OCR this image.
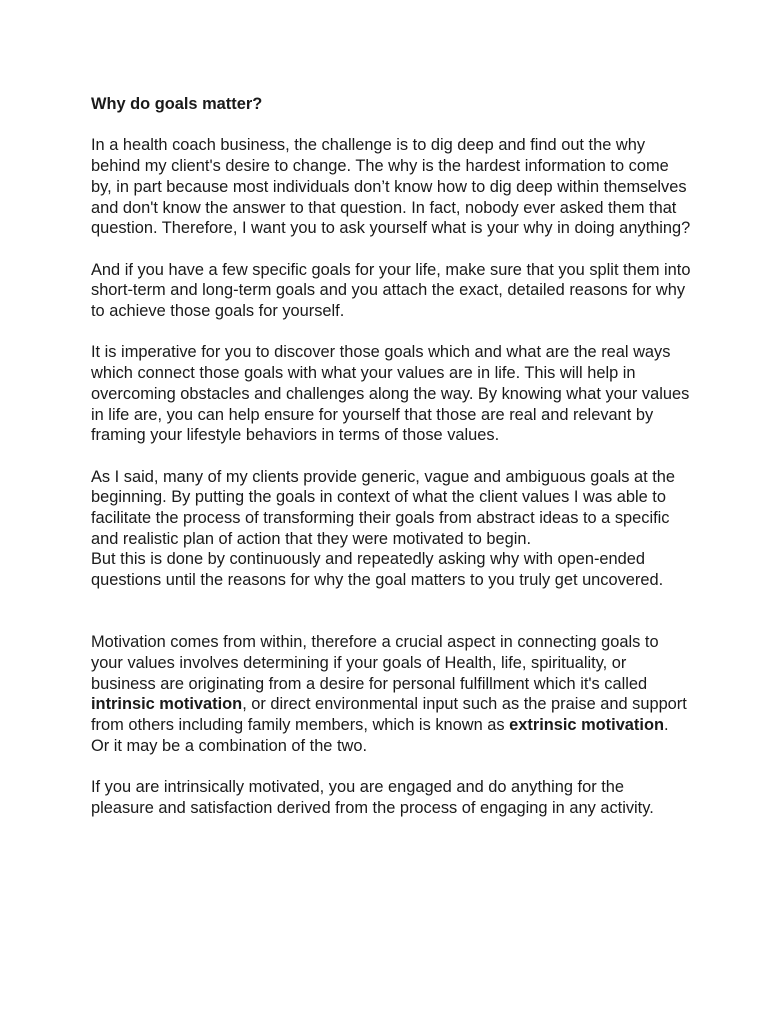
Why do goals matter?

In a health coach business, the challenge is to dig deep and find out the why behind my client's desire to change. The why is the hardest information to come by, in part because most individuals don’t know how to dig deep within themselves and don't know the answer to that question. In fact, nobody ever asked them that question. Therefore, I want you to ask yourself what is your why in doing anything?

And if you have a few specific goals for your life, make sure that you split them into short-term and long-term goals and you attach the exact, detailed reasons for why to achieve those goals for yourself.

It is imperative for you to discover those goals which and what are the real ways which connect those goals with what your values are in life. This will help in overcoming obstacles and challenges along the way. By knowing what your values in life are, you can help ensure for yourself that those are real and relevant by framing your lifestyle behaviors in terms of those values.

As I said, many of my clients provide generic, vague and ambiguous goals at the beginning. By putting the goals in context of what the client values I was able to facilitate the process of transforming their goals from abstract ideas to a specific and realistic plan of action that they were motivated to begin.

But this is done by continuously and repeatedly asking why with open-ended questions until the reasons for why the goal matters to you truly get uncovered.

Motivation comes from within, therefore a crucial aspect in connecting goals to your values involves determining if your goals of Health, life, spirituality, or business are originating from a desire for personal fulfillment which it's called intrinsic motivation, or direct environmental input such as the praise and support from others including family members, which is known as extrinsic motivation. Or it may be a combination of the two.

If you are intrinsically motivated, you are engaged and do anything for the pleasure and satisfaction derived from the process of engaging in any activity.
